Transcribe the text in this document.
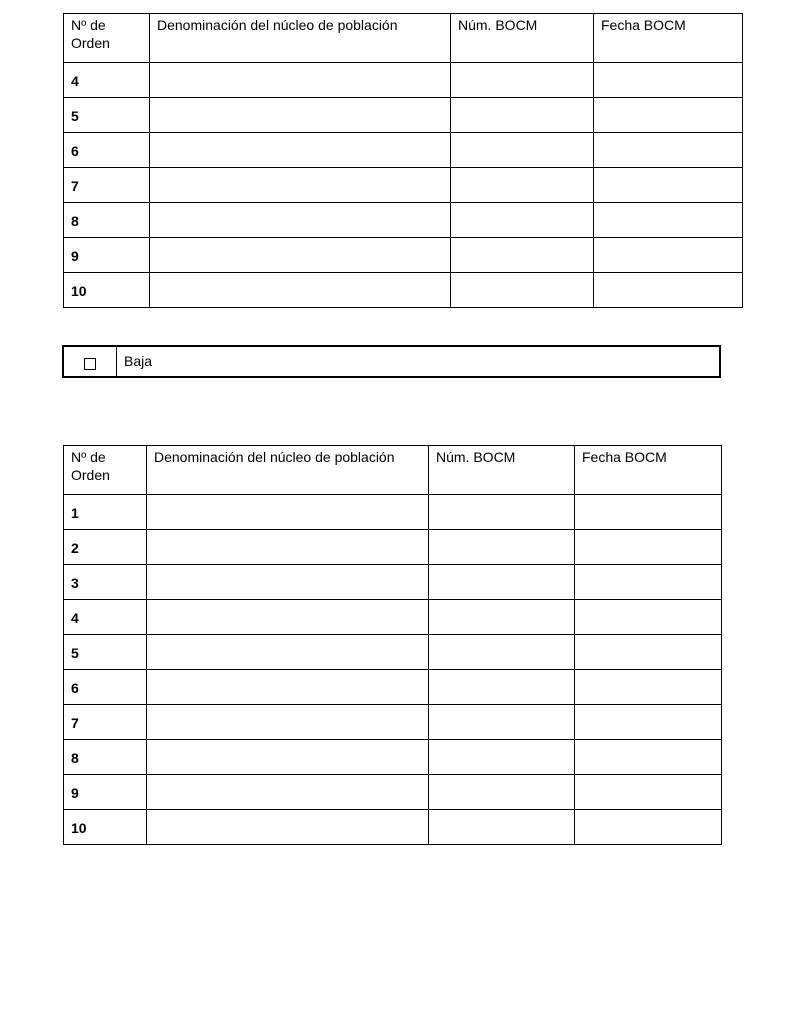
Nº de Orden	Denominación del núcleo de población	Núm. BOCM	Fecha BOCM

4			

5			

6			

7			

8			

9			

10			

Baja
Nº de Orden	Denominación del núcleo de población	Núm. BOCM	Fecha BOCM

1			

2			

3			

4			

5			

6			

7			

8			

9			

10			
